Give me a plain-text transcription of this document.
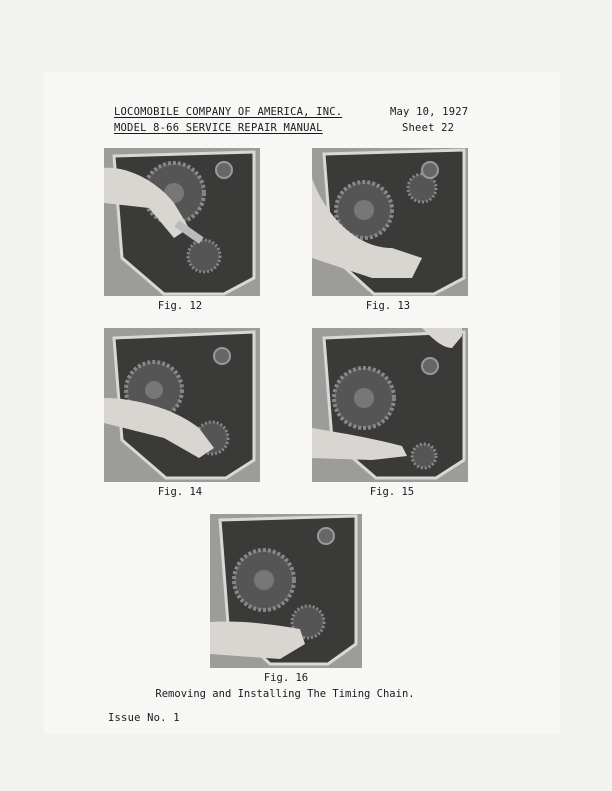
LOCOMOBILE COMPANY OF AMERICA, INC.	May 10, 1927
MODEL 8-66 SERVICE REPAIR MANUAL	Sheet 22
Fig. 12	Fig. 13
Fig. 14	Fig. 15
Fig. 16
Removing and Installing The Timing Chain.
Issue No. 1
